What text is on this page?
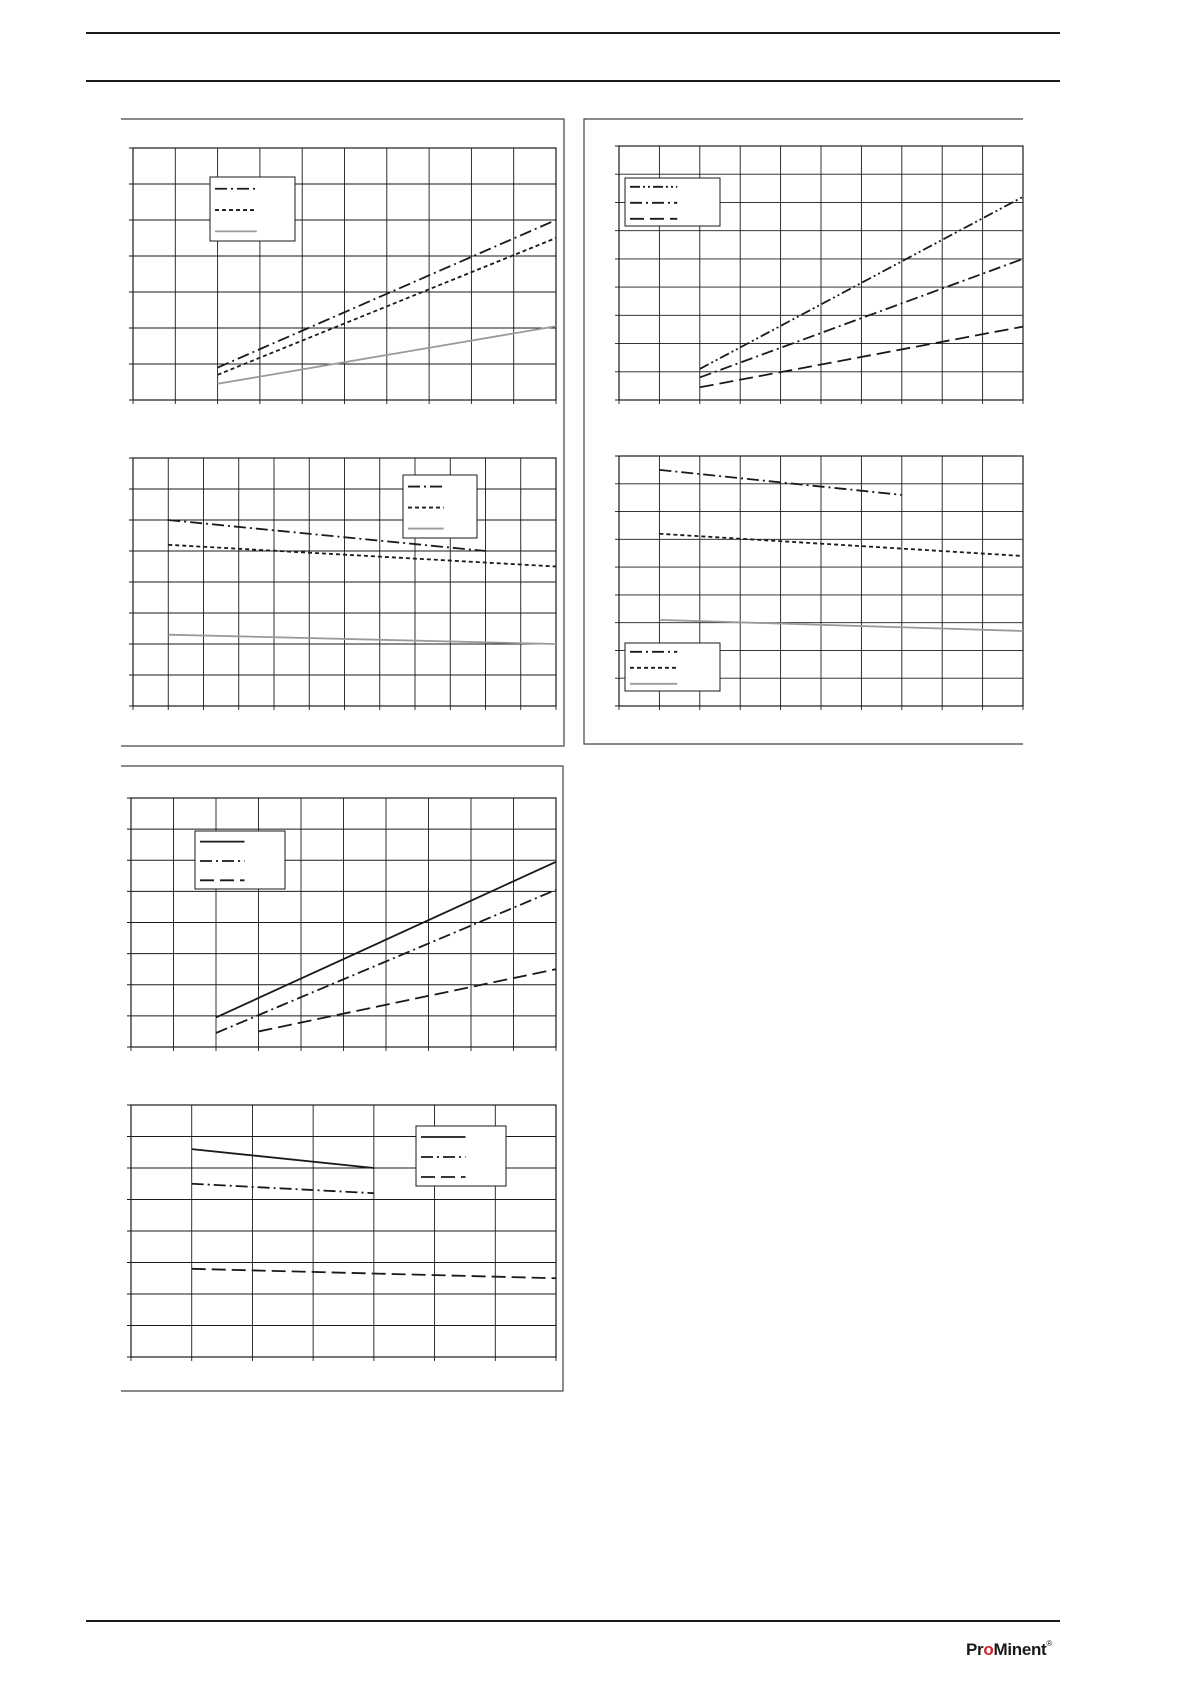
ProMinent®
